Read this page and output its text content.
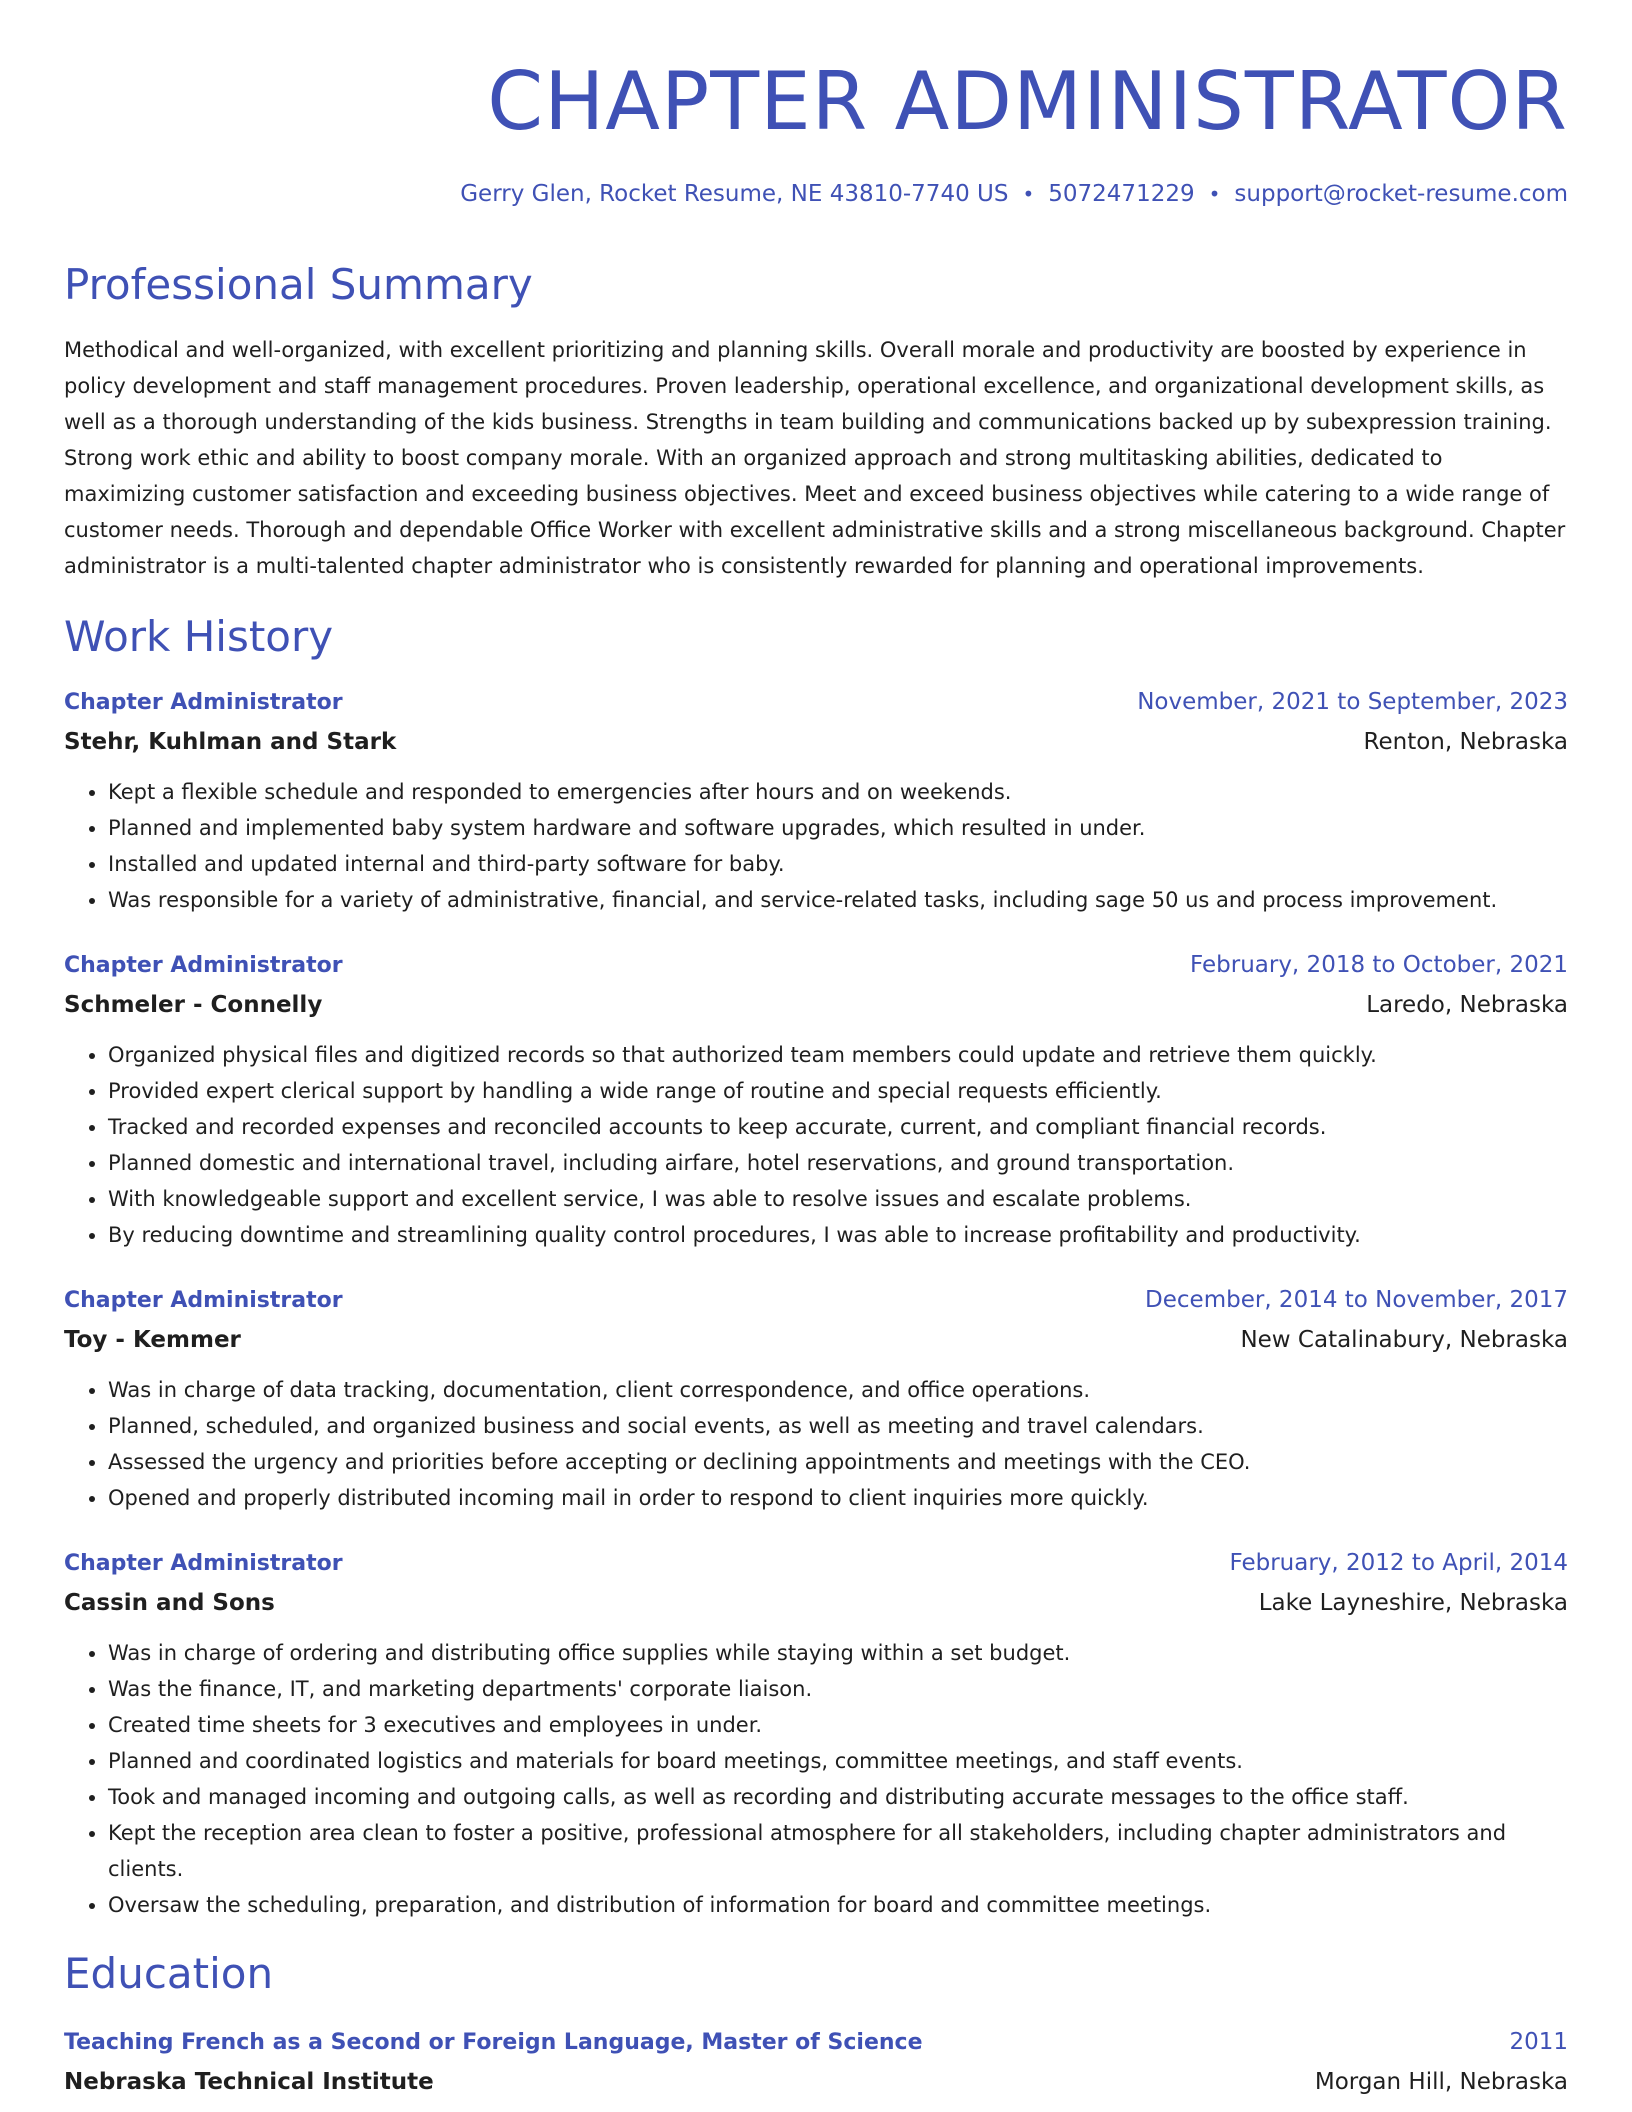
CHAPTER ADMINISTRATOR
Gerry Glen, Rocket Resume, NE 43810-7740 US • 5072471229 • support@rocket-resume.com
Professional Summary

Methodical and well-organized, with excellent prioritizing and planning skills. Overall morale and productivity are boosted by experience in policy development and staff management procedures. Proven leadership, operational excellence, and organizational development skills, as well as a thorough understanding of the kids business. Strengths in team building and communications backed up by subexpression training. Strong work ethic and ability to boost company morale. With an organized approach and strong multitasking abilities, dedicated to maximizing customer satisfaction and exceeding business objectives. Meet and exceed business objectives while catering to a wide range of customer needs. Thorough and dependable Office Worker with excellent administrative skills and a strong miscellaneous background. Chapter administrator is a multi-talented chapter administrator who is consistently rewarded for planning and operational improvements.

Work History
Chapter Administrator	November, 2021 to September, 2023
Stehr, Kuhlman and Stark	Renton, Nebraska
• Kept a flexible schedule and responded to emergencies after hours and on weekends.
• Planned and implemented baby system hardware and software upgrades, which resulted in under.
• Installed and updated internal and third-party software for baby.
• Was responsible for a variety of administrative, financial, and service-related tasks, including sage 50 us and process improvement.
Chapter Administrator	February, 2018 to October, 2021
Schmeler - Connelly	Laredo, Nebraska
• Organized physical files and digitized records so that authorized team members could update and retrieve them quickly.
• Provided expert clerical support by handling a wide range of routine and special requests efficiently.
• Tracked and recorded expenses and reconciled accounts to keep accurate, current, and compliant financial records.
• Planned domestic and international travel, including airfare, hotel reservations, and ground transportation.
• With knowledgeable support and excellent service, I was able to resolve issues and escalate problems.
• By reducing downtime and streamlining quality control procedures, I was able to increase profitability and productivity.
Chapter Administrator	December, 2014 to November, 2017
Toy - Kemmer	New Catalinabury, Nebraska
• Was in charge of data tracking, documentation, client correspondence, and office operations.
• Planned, scheduled, and organized business and social events, as well as meeting and travel calendars.
• Assessed the urgency and priorities before accepting or declining appointments and meetings with the CEO.
• Opened and properly distributed incoming mail in order to respond to client inquiries more quickly.
Chapter Administrator	February, 2012 to April, 2014
Cassin and Sons	Lake Layneshire, Nebraska
• Was in charge of ordering and distributing office supplies while staying within a set budget.
• Was the finance, IT, and marketing departments' corporate liaison.
• Created time sheets for 3 executives and employees in under.
• Planned and coordinated logistics and materials for board meetings, committee meetings, and staff events.
• Took and managed incoming and outgoing calls, as well as recording and distributing accurate messages to the office staff.
• Kept the reception area clean to foster a positive, professional atmosphere for all stakeholders, including chapter administrators and clients.
• Oversaw the scheduling, preparation, and distribution of information for board and committee meetings.
Education
Teaching French as a Second or Foreign Language, Master of Science	2011
Nebraska Technical Institute	Morgan Hill, Nebraska
